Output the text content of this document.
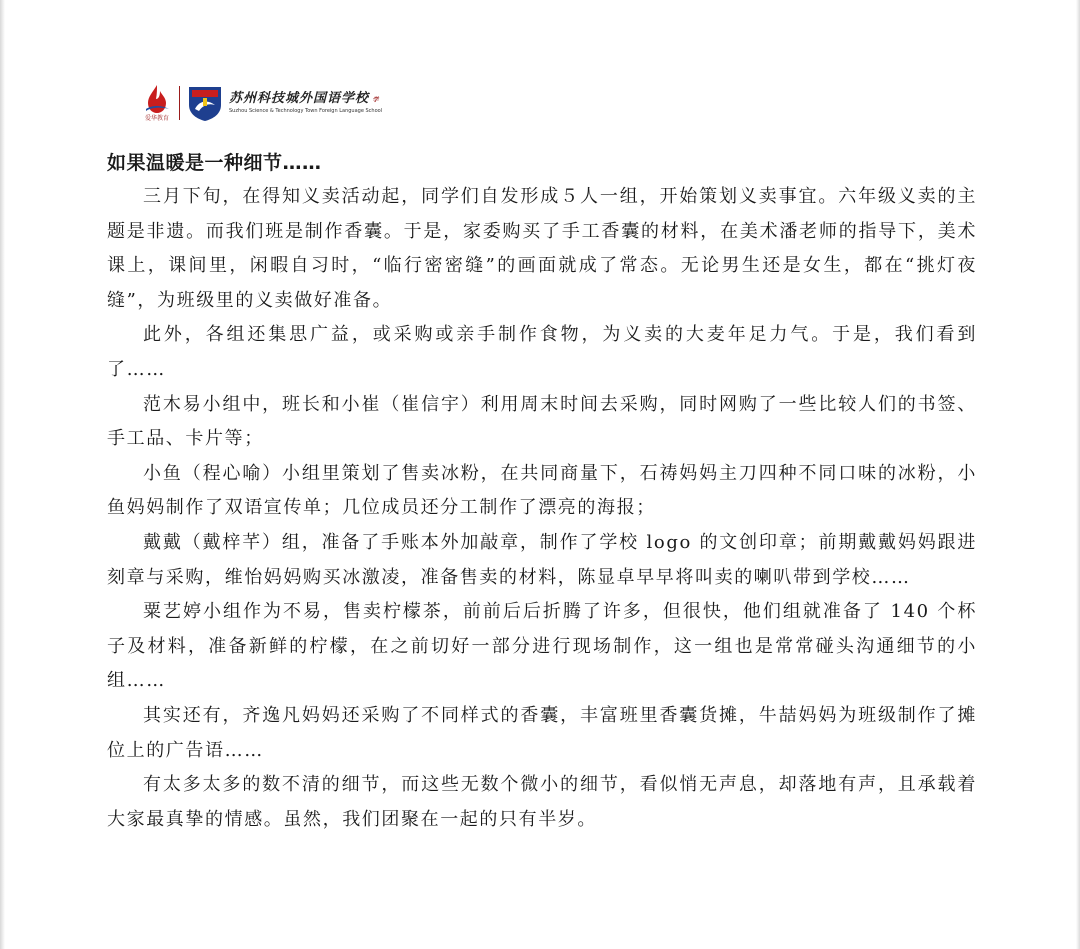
爱华教育
苏州科技城外国语学校 学
Suzhou Science & Technology Town Foreign Language School
如果温暖是一种细节……

三月下旬，在得知义卖活动起，同学们自发形成５人一组，开始策划义卖事宜。六年级义卖的主题是非遗。而我们班是制作香囊。于是，家委购买了手工香囊的材料，在美术潘老师的指导下，美术课上，课间里，闲暇自习时，“临行密密缝”的画面就成了常态。无论男生还是女生，都在“挑灯夜缝”，为班级里的义卖做好准备。

此外，各组还集思广益，或采购或亲手制作食物，为义卖的大麦年足力气。于是，我们看到了……

范木易小组中，班长和小崔（崔信宇）利用周末时间去采购，同时网购了一些比较人们的书签、手工品、卡片等；

小鱼（程心喻）小组里策划了售卖冰粉，在共同商量下，石祷妈妈主刀四种不同口味的冰粉，小鱼妈妈制作了双语宣传单；几位成员还分工制作了漂亮的海报；

戴戴（戴梓芊）组，准备了手账本外加敲章，制作了学校 logo 的文创印章；前期戴戴妈妈跟进刻章与采购，维怡妈妈购买冰激凌，准备售卖的材料，陈显卓早早将叫卖的喇叭带到学校……

粟艺婷小组作为不易，售卖柠檬茶，前前后后折腾了许多，但很快，他们组就准备了 140 个杯子及材料，准备新鲜的柠檬，在之前切好一部分进行现场制作，这一组也是常常碰头沟通细节的小组……

其实还有，齐逸凡妈妈还采购了不同样式的香囊，丰富班里香囊货摊，牛喆妈妈为班级制作了摊位上的广告语……

有太多太多的数不清的细节，而这些无数个微小的细节，看似悄无声息，却落地有声，且承载着大家最真挚的情感。虽然，我们团聚在一起的只有半岁。
